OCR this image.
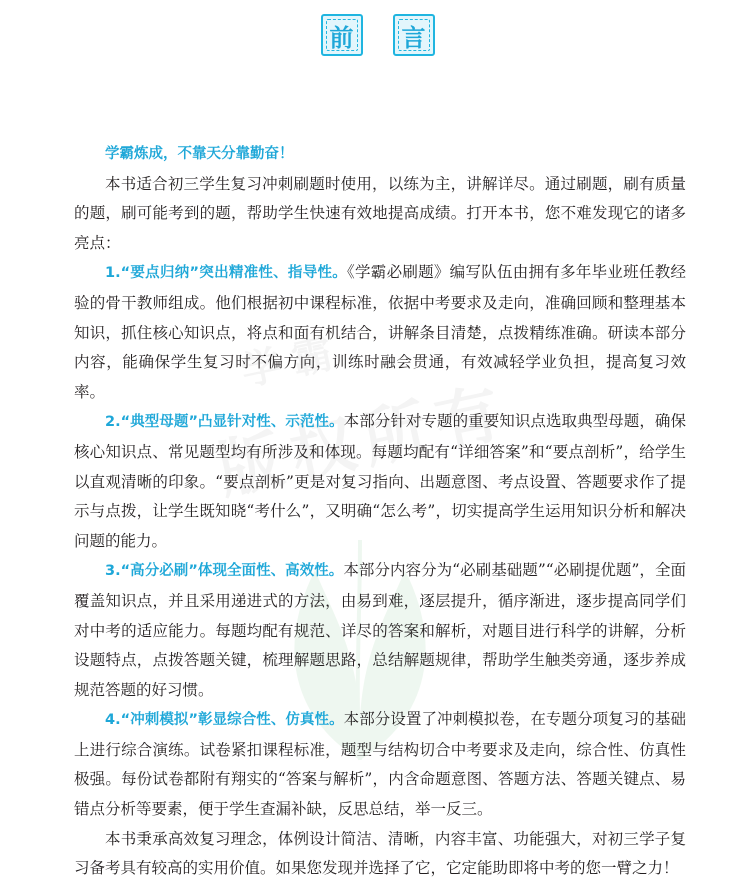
前 言

学霸炼成，不靠天分靠勤奋！

本书适合初三学生复习冲刺刷题时使用，以练为主，讲解详尽。通过刷题，刷有质量的题，刷可能考到的题，帮助学生快速有效地提高成绩。打开本书，您不难发现它的诸多亮点：

1.“要点归纳”突出精准性、指导性。《学霸必刷题》编写队伍由拥有多年毕业班任教经验的骨干教师组成。他们根据初中课程标准，依据中考要求及走向，准确回顾和整理基本知识，抓住核心知识点，将点和面有机结合，讲解条目清楚，点拨精练准确。研读本部分内容，能确保学生复习时不偏方向，训练时融会贯通，有效减轻学业负担，提高复习效率。

2.“典型母题”凸显针对性、示范性。本部分针对专题的重要知识点选取典型母题，确保核心知识点、常见题型均有所涉及和体现。每题均配有“详细答案”和“要点剖析”，给学生以直观清晰的印象。“要点剖析”更是对复习指向、出题意图、考点设置、答题要求作了提示与点拨，让学生既知晓“考什么”，又明确“怎么考”，切实提高学生运用知识分析和解决问题的能力。

3.“高分必刷”体现全面性、高效性。本部分内容分为“必刷基础题”“必刷提优题”，全面覆盖知识点，并且采用递进式的方法，由易到难，逐层提升，循序渐进，逐步提高同学们对中考的适应能力。每题均配有规范、详尽的答案和解析，对题目进行科学的讲解，分析设题特点，点拨答题关键，梳理解题思路，总结解题规律，帮助学生触类旁通，逐步养成规范答题的好习惯。

4.“冲刺模拟”彰显综合性、仿真性。本部分设置了冲刺模拟卷，在专题分项复习的基础上进行综合演练。试卷紧扣课程标准，题型与结构切合中考要求及走向，综合性、仿真性极强。每份试卷都附有翔实的“答案与解析”，内含命题意图、答题方法、答题关键点、易错点分析等要素，便于学生查漏补缺，反思总结，举一反三。

本书秉承高效复习理念，体例设计简洁、清晰，内容丰富、功能强大，对初三学子复习备考具有较高的实用价值。如果您发现并选择了它，它定能助即将中考的您一臂之力！
